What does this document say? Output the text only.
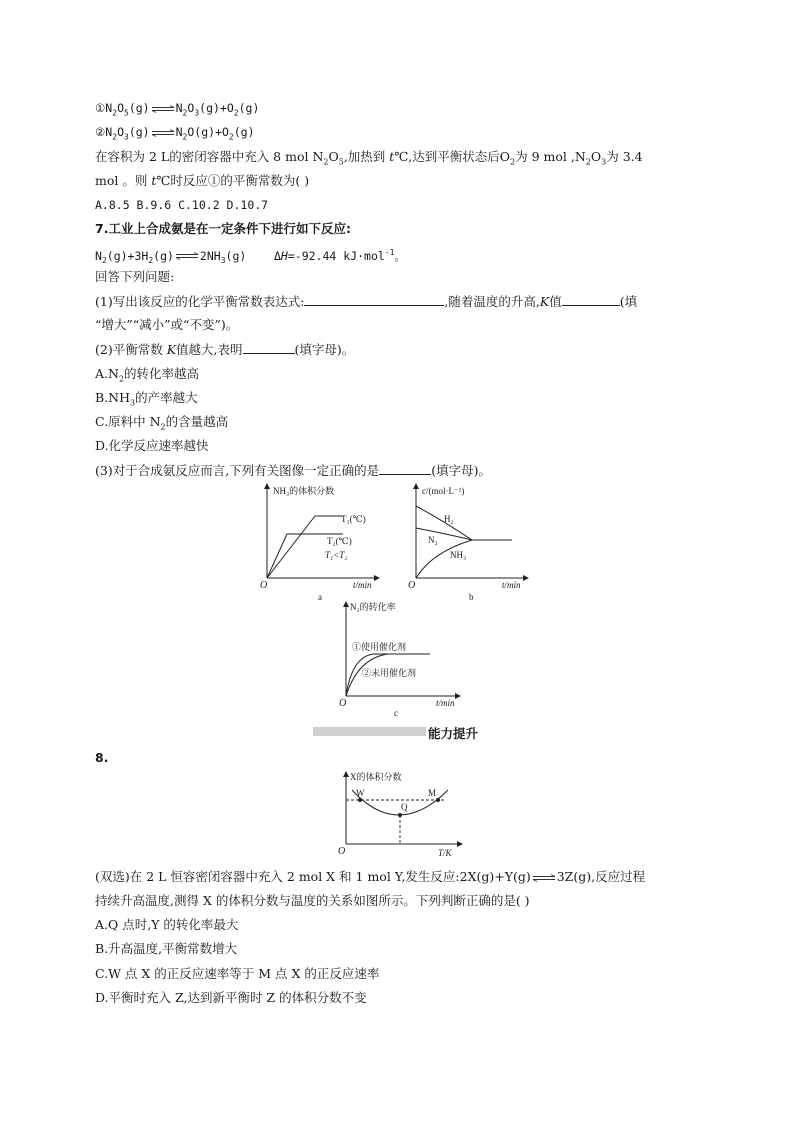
$①N_2O_5(g)\rightleftharpoons N_2O_3(g)+O_2(g)$
$②N_2O_3(g)\rightleftharpoons N_2O(g)+O_2(g)$
在容积为 2 L的密闭容器中充入 8 mol $N_2O_5$,加热到 t℃,达到平衡状态后$O_2$为 9 mol $,N_2O_3$为 3.4
mol 。则 t℃时反应①的平衡常数为( )
A.8.5 B.9.6 C.10.2 D.10.7
7.工业上合成氨是在一定条件下进行如下反应:
$N_2(g)+3H_2(g)\rightleftharpoons 2NH_3(g)$    ΔH=-92.44 kJ·mol$^{-1}$。
回答下列问题:
(1)写出该反应的化学平衡常数表达式:	,随着温度的升高,K值	(填
“增大”“减小”或“不变”)。
(2)平衡常数 K值越大,表明	(填字母)。
$A.N_2$的转化率越高
$B.NH_3$的产率越大
C.原料中 $N_2$的含量越高
D.化学反应速率越快
(3)对于合成氨反应而言,下列有关图像一定正确的是	(填字母)。
NH₃的体积分数
T₁(℃)
T₂(℃)
T₁<T₂
O	t/min
a
c/(mol·L⁻¹)
H₂
N₂
NH₃
O	t/min
b
N₂的转化率
①使用催化剂
②未用催化剂
O	t/min
c
能力提升
8.
X的体积分数
W
Q
M
O	T/K
(双选)在 2 L 恒容密闭容器中充入 2 mol X 和 1 mol Y,发生反应:2X(g)+Y(g)⇌3Z(g),反应过程
持续升高温度,测得 X 的体积分数与温度的关系如图所示。下列判断正确的是( )
A.Q 点时,Y 的转化率最大
B.升高温度,平衡常数增大
C.W 点 X 的正反应速率等于 M 点 X 的正反应速率
D.平衡时充入 Z,达到新平衡时 Z 的体积分数不变
